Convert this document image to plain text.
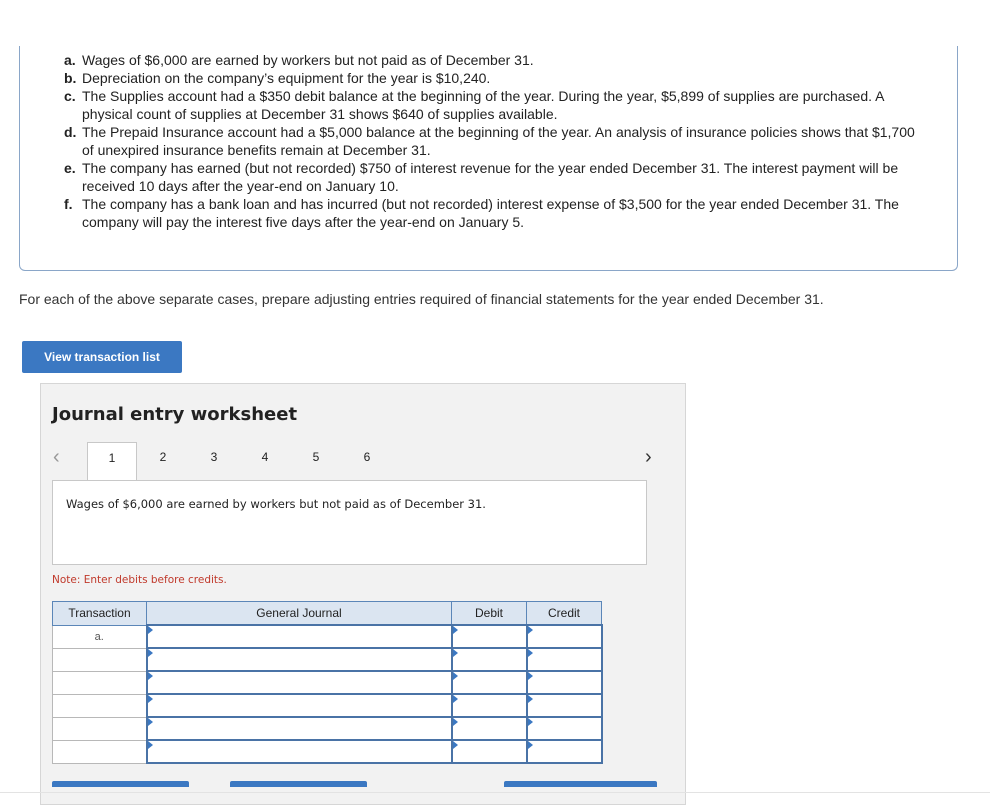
a. Wages of $6,000 are earned by workers but not paid as of December 31.
b. Depreciation on the company’s equipment for the year is $10,240.
c. The Supplies account had a $350 debit balance at the beginning of the year. During the year, $5,899 of supplies are purchased. A physical count of supplies at December 31 shows $640 of supplies available.
d. The Prepaid Insurance account had a $5,000 balance at the beginning of the year. An analysis of insurance policies shows that $1,700 of unexpired insurance benefits remain at December 31.
e. The company has earned (but not recorded) $750 of interest revenue for the year ended December 31. The interest payment will be received 10 days after the year-end on January 10.
f. The company has a bank loan and has incurred (but not recorded) interest expense of $3,500 for the year ended December 31. The company will pay the interest five days after the year-end on January 5.
For each of the above separate cases, prepare adjusting entries required of financial statements for the year ended December 31.
View transaction list
Journal entry worksheet
‹	›
1	2	3	4	5	6
Wages of $6,000 are earned by workers but not paid as of December 31.
Note: Enter debits before credits.
Transaction	General Journal	Debit	Credit
a.	
